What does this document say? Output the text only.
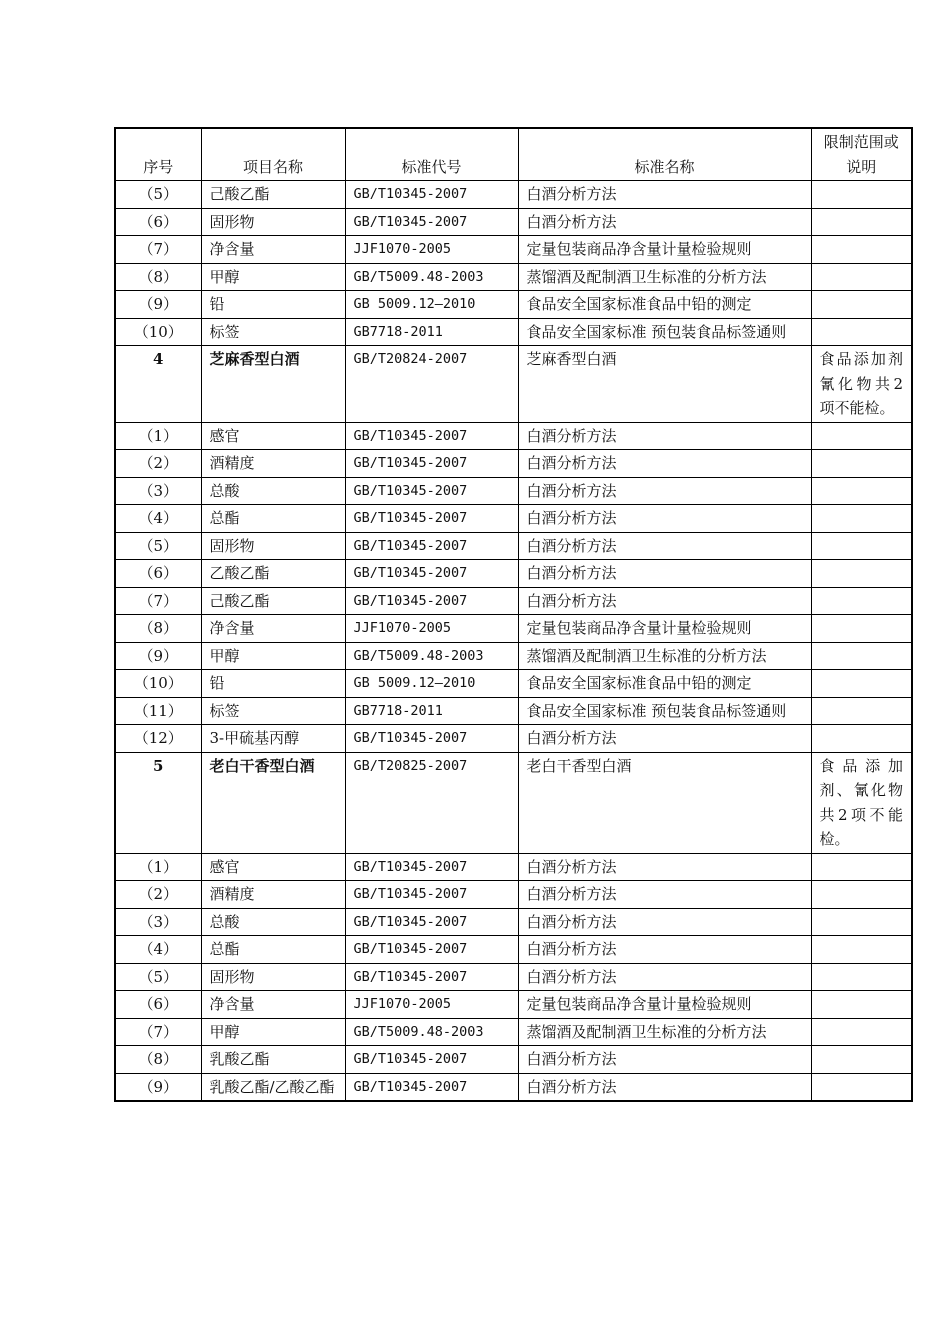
序号	项目名称	标准代号	标准名称	限制范围或说明
（5）	己酸乙酯	GB/T10345-2007	白酒分析方法	
（6）	固形物	GB/T10345-2007	白酒分析方法	
（7）	净含量	JJF1070-2005	定量包装商品净含量计量检验规则	
（8）	甲醇	GB/T5009.48-2003	蒸馏酒及配制酒卫生标准的分析方法	
（9）	铅	GB 5009.12—2010	食品安全国家标准食品中铅的测定	
（10）	标签	GB7718-2011	食品安全国家标准 预包装食品标签通则	
4	芝麻香型白酒	GB/T20824-2007	芝麻香型白酒	食品添加剂氰化物共2项不能检。
（1）	感官	GB/T10345-2007	白酒分析方法	
（2）	酒精度	GB/T10345-2007	白酒分析方法	
（3）	总酸	GB/T10345-2007	白酒分析方法	
（4）	总酯	GB/T10345-2007	白酒分析方法	
（5）	固形物	GB/T10345-2007	白酒分析方法	
（6）	乙酸乙酯	GB/T10345-2007	白酒分析方法	
（7）	己酸乙酯	GB/T10345-2007	白酒分析方法	
（8）	净含量	JJF1070-2005	定量包装商品净含量计量检验规则	
（9）	甲醇	GB/T5009.48-2003	蒸馏酒及配制酒卫生标准的分析方法	
（10）	铅	GB 5009.12—2010	食品安全国家标准食品中铅的测定	
（11）	标签	GB7718-2011	食品安全国家标准 预包装食品标签通则	
（12）	3-甲硫基丙醇	GB/T10345-2007	白酒分析方法	
5	老白干香型白酒	GB/T20825-2007	老白干香型白酒	食品添加剂、氰化物共2项不能检。
（1）	感官	GB/T10345-2007	白酒分析方法	
（2）	酒精度	GB/T10345-2007	白酒分析方法	
（3）	总酸	GB/T10345-2007	白酒分析方法	
（4）	总酯	GB/T10345-2007	白酒分析方法	
（5）	固形物	GB/T10345-2007	白酒分析方法	
（6）	净含量	JJF1070-2005	定量包装商品净含量计量检验规则	
（7）	甲醇	GB/T5009.48-2003	蒸馏酒及配制酒卫生标准的分析方法	
（8）	乳酸乙酯	GB/T10345-2007	白酒分析方法	
（9）	乳酸乙酯/乙酸乙酯	GB/T10345-2007	白酒分析方法	
